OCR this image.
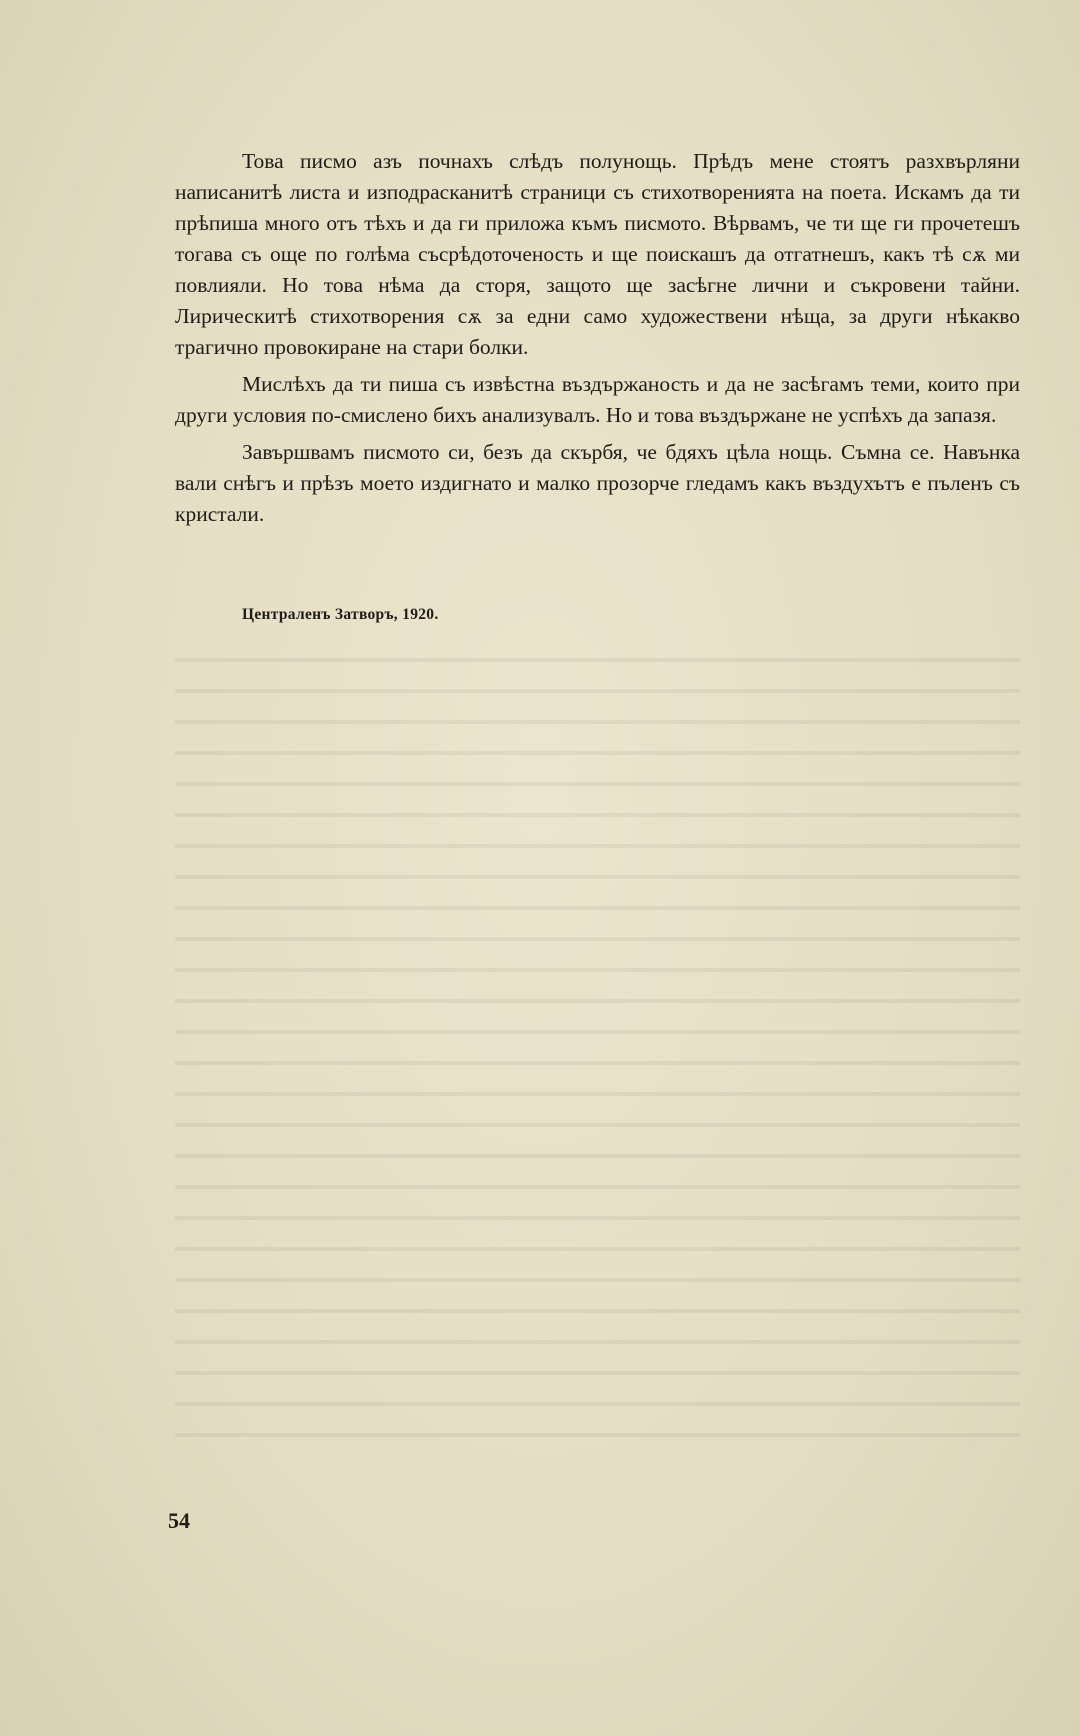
Това писмо азъ почнахъ слѣдъ полунощь. Прѣдъ мене стоятъ разхвърляни написанитѣ листа и изподрасканитѣ страници съ стихотворенията на поета. Искамъ да ти прѣпиша много отъ тѣхъ и да ги приложа къмъ писмото. Вѣрвамъ, че ти ще ги прочетешъ тогава съ още по голѣма съсрѣдоточеность и ще поискашъ да отгатнешъ, какъ тѣ сѫ ми повлияли. Но това нѣма да сторя, защото ще засѣгне лични и съкровени тайни. Лирическитѣ стихотворения сѫ за едни само художествени нѣща, за други нѣкакво трагично провокиране на стари болки.

Мислѣхъ да ти пиша съ извѣстна въздържаность и да не засѣгамъ теми, които при други условия по-смислено бихъ анализувалъ. Но и това въздържане не успѣхъ да запазя.

Завършвамъ писмото си, безъ да скърбя, че бдяхъ цѣла нощь. Съмна се. Навънка вали снѣгъ и прѣзъ моето издигнато и малко прозорче гледамъ какъ въздухътъ е пъленъ съ кристали.

Централенъ Затворъ, 1920.
54
